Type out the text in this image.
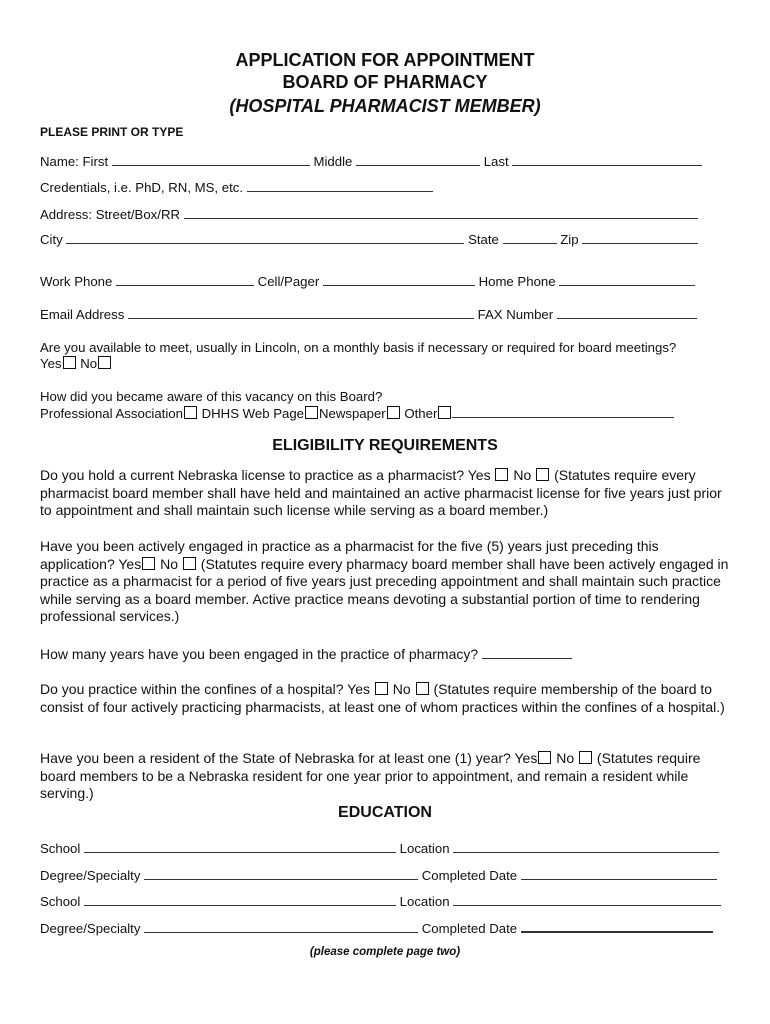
APPLICATION FOR APPOINTMENT
BOARD OF PHARMACY
(HOSPITAL PHARMACIST MEMBER)
PLEASE PRINT OR TYPE
Name: First	Middle	Last
Credentials, i.e. PhD, RN, MS, etc.
Address: Street/Box/RR
City	State	Zip
Work Phone	Cell/Pager	Home Phone
Email Address	FAX Number
Are you available to meet, usually in Lincoln, on a monthly basis if necessary or required for board meetings?
Yes No
How did you became aware of this vacancy on this Board?
Professional Association DHHS Web Page Newspaper Other
ELIGIBILITY REQUIREMENTS
Do you hold a current Nebraska license to practice as a pharmacist? Yes No (Statutes require every pharmacist board member shall have held and maintained an active pharmacist license for five years just prior to appointment and shall maintain such license while serving as a board member.)
Have you been actively engaged in practice as a pharmacist for the five (5) years just preceding this application? Yes No (Statutes require every pharmacy board member shall have been actively engaged in practice as a pharmacist for a period of five years just preceding appointment and shall maintain such practice while serving as a board member. Active practice means devoting a substantial portion of time to rendering professional services.)
How many years have you been engaged in the practice of pharmacy?
Do you practice within the confines of a hospital? Yes No (Statutes require membership of the board to consist of four actively practicing pharmacists, at least one of whom practices within the confines of a hospital.)
Have you been a resident of the State of Nebraska for at least one (1) year? Yes No (Statutes require board members to be a Nebraska resident for one year prior to appointment, and remain a resident while serving.)
EDUCATION
School	Location
Degree/Specialty	Completed Date
School	Location
Degree/Specialty	Completed Date
(please complete page two)
